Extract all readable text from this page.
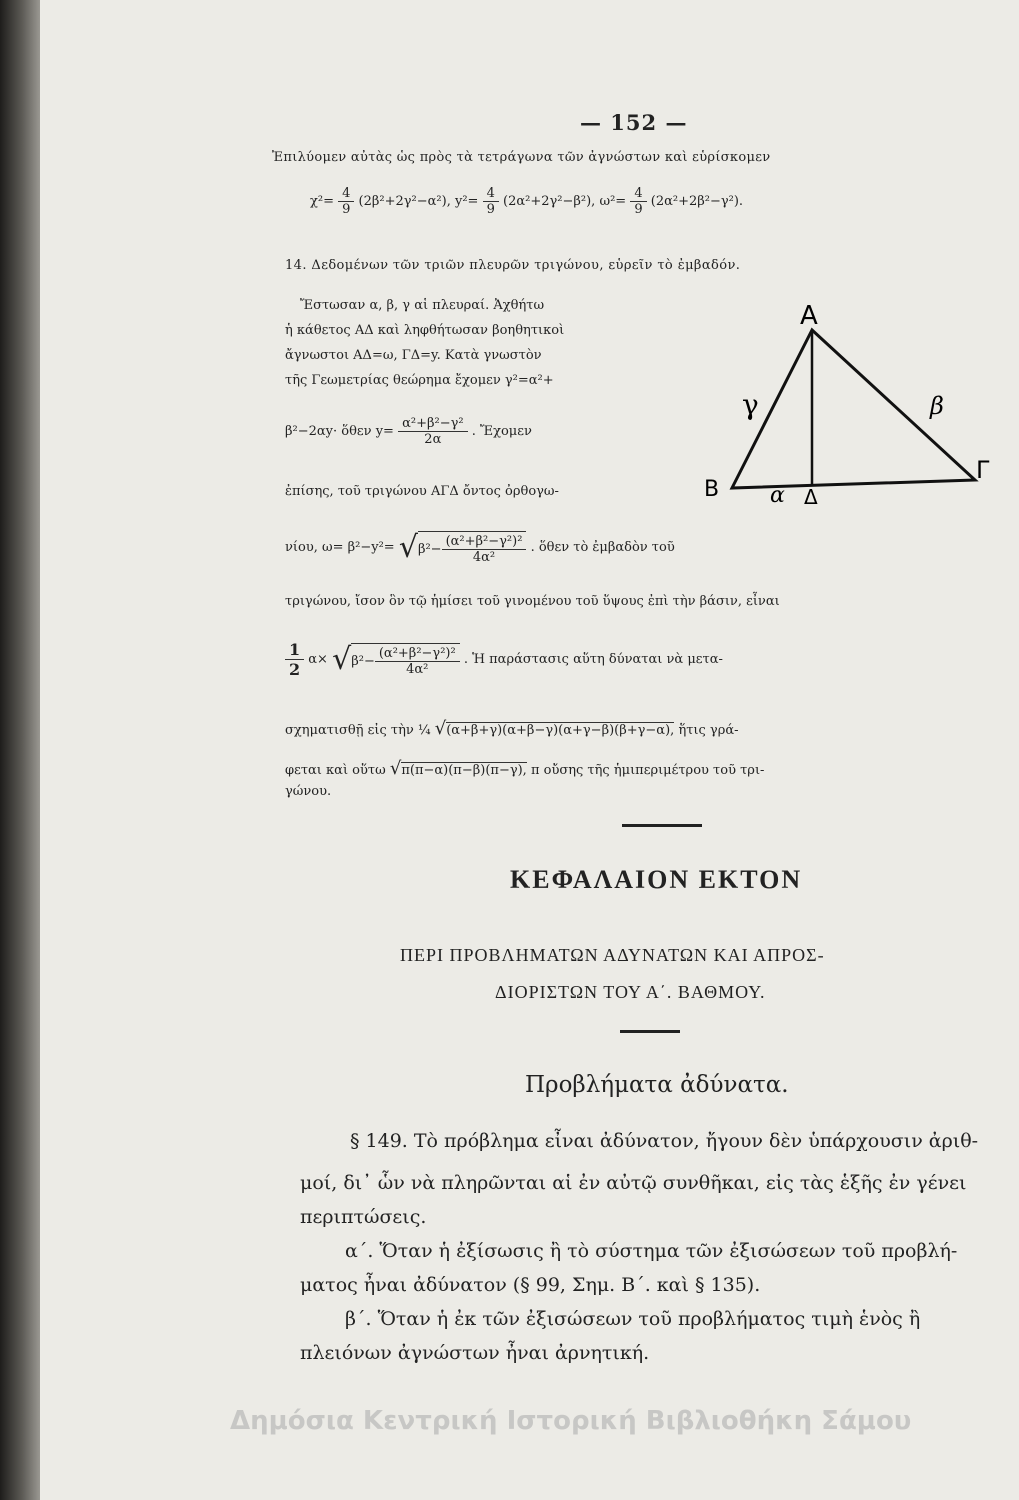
— 152 —
Ἐπιλύομεν αὐτὰς ὡς πρὸς τὰ τετράγωνα τῶν ἀγνώστων καὶ εὑρίσκομεν
$\chi^2= \frac{4}{9} (2\beta^2+2\gamma^2-\alpha^2)$, $y^2= \frac{4}{9} (2\alpha^2+2\gamma^2-\beta^2)$, $\omega^2= \frac{4}{9} (2\alpha^2+2\beta^2-\gamma^2)$.
14. Δεδομένων τῶν τριῶν πλευρῶν τριγώνου, εὑρεῖν τὸ ἐμβαδόν.
Ἔστωσαν α, β, γ αἱ πλευραί. Ἀχθήτω
ἡ κάθετος ΑΔ καὶ ληφθήτωσαν βοηθητικοὶ
ἄγνωστοι ΑΔ=ω, ΓΔ=y. Κατὰ γνωστὸν
τῆς Γεωμετρίας θεώρημα ἔχομεν γ²=α²+
β²−2αy· ὅθεν $y= \frac{\text{α²+β²−γ²}}{2\alpha}$ . Ἔχομεν
ἐπίσης, τοῦ τριγώνου ΑΓΔ ὄντος ὀρθογω-
A
B
Γ
Δ
α
β
γ
νίου, $\omega= \beta^2-y^2= √\beta^2- \frac{\text{(α²+β²−γ²)²}}{\text{4α²}}$ . ὅθεν τὸ ἐμβαδὸν τοῦ
τριγώνου, ἴσον ὃν τῷ ἡμίσει τοῦ γινομένου τοῦ ὕψους ἐπὶ τὴν βάσιν, εἶναι
$\frac{1}{2} \alpha\times √\beta^2- \frac{\text{(α²+β²−γ²)²}}{\text{4α²}}$ . Ἡ παράστασις αὕτη δύναται νὰ μετα-
σχηματισθῇ εἰς τὴν ¼ √(α+β+γ)(α+β−γ)(α+γ−β)(β+γ−α), ἥτις γρά-
φεται καὶ οὕτω √π(π−α)(π−β)(π−γ), π οὔσης τῆς ἡμιπεριμέτρου τοῦ τρι-
γώνου.
ΚΕΦΑΛΑΙΟΝ ΕΚΤΟΝ
ΠΕΡΙ ΠΡΟΒΛΗΜΑΤΩΝ ΑΔΥΝΑΤΩΝ ΚΑΙ ΑΠΡΟΣ-
ΔΙΟΡΙΣΤΩΝ ΤΟΥ Α΄. ΒΑΘΜΟΥ.
Προβλήματα ἀδύνατα.
§ 149. Τὸ πρόβλημα εἶναι ἀδύνατον, ἤγουν δὲν ὑπάρχουσιν ἀριθ-
μοί, δι᾽ ὧν νὰ πληρῶνται αἱ ἐν αὐτῷ συνθῆκαι, εἰς τὰς ἑξῆς ἐν γένει
περιπτώσεις.
α΄. Ὅταν ἡ ἐξίσωσις ἢ τὸ σύστημα τῶν ἐξισώσεων τοῦ προβλή-
ματος ἦναι ἀδύνατον (§ 99, Σημ. Β΄. καὶ § 135).
β΄. Ὅταν ἡ ἐκ τῶν ἐξισώσεων τοῦ προβλήματος τιμὴ ἑνὸς ἢ
πλειόνων ἀγνώστων ἦναι ἀρνητική.
Δημόσια Κεντρική Ιστορική Βιβλιοθήκη Σάμου
